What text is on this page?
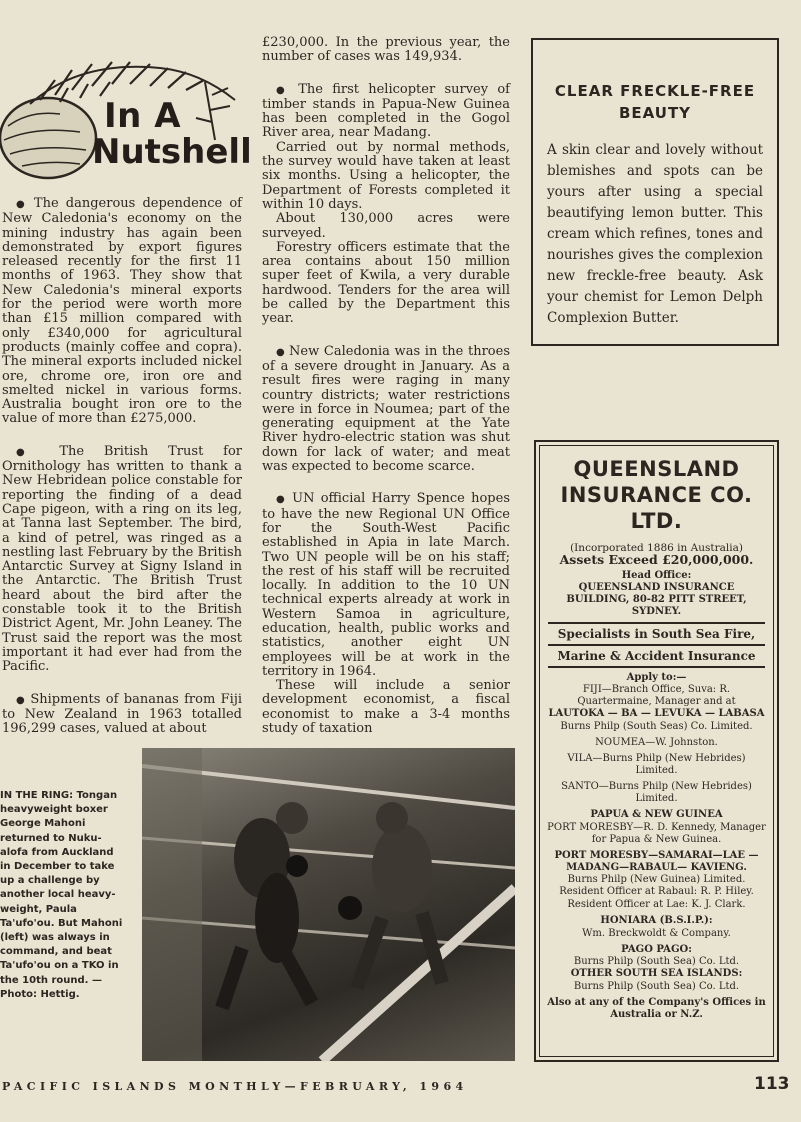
In A
Nutshell

● The dangerous dependence of New Caledonia's economy on the mining industry has again been demonstrated by export figures released recently for the first 11 months of 1963. They show that New Caledonia's mineral exports for the period were worth more than £15 million compared with only £340,000 for agricultural products (mainly coffee and copra). The mineral exports included nickel ore, chrome ore, iron ore and smelted nickel in various forms. Australia bought iron ore to the value of more than £275,000.

● The British Trust for Ornithology has written to thank a New Hebridean police constable for reporting the finding of a dead Cape pigeon, with a ring on its leg, at Tanna last September. The bird, a kind of petrel, was ringed as a nestling last February by the British Antarctic Survey at Signy Island in the Antarctic. The British Trust heard about the bird after the constable took it to the British District Agent, Mr. John Leaney. The Trust said the report was the most important it had ever had from the Pacific.

● Shipments of bananas from Fiji to New Zealand in 1963 totalled 196,299 cases, valued at about

£230,000. In the previous year, the number of cases was 149,934.

● The first helicopter survey of timber stands in Papua-New Guinea has been completed in the Gogol River area, near Madang.

Carried out by normal methods, the survey would have taken at least six months. Using a helicopter, the Department of Forests completed it within 10 days.

About 130,000 acres were surveyed.

Forestry officers estimate that the area contains about 150 million super feet of Kwila, a very durable hardwood. Tenders for the area will be called by the Department this year.

● New Caledonia was in the throes of a severe drought in January. As a result fires were raging in many country districts; water restrictions were in force in Noumea; part of the generating equipment at the Yate River hydro-electric station was shut down for lack of water; and meat was expected to become scarce.

● UN official Harry Spence hopes to have the new Regional UN Office for the South-West Pacific established in Apia in late March. Two UN people will be on his staff; the rest of his staff will be recruited locally. In addition to the 10 UN technical experts already at work in Western Samoa in agriculture, education, health, public works and statistics, another eight UN employees will be at work in the territory in 1964.

These will include a senior development economist, a fiscal economist to make a 3-4 months study of taxation

CLEAR FRECKLE-FREE BEAUTY
A skin clear and lovely without blemishes and spots can be yours after using a special beautifying lemon butter. This cream which refines, tones and nourishes gives the complexion new freckle-free beauty. Ask your chemist for Lemon Delph Complexion Butter.
QUEENSLAND INSURANCE CO. LTD.
(Incorporated 1886 in Australia)
Assets Exceed £20,000,000.
Head Office:
QUEENSLAND INSURANCE BUILDING, 80-82 PITT STREET, SYDNEY.
Specialists in South Sea Fire,
Marine & Accident Insurance
Apply to:—
FIJI—Branch Office, Suva: R. Quartermaine, Manager and at
LAUTOKA — BA — LEVUKA — LABASA
Burns Philp (South Seas) Co. Limited.
NOUMEA—W. Johnston.
VILA—Burns Philp (New Hebrides) Limited.
SANTO—Burns Philp (New Hebrides) Limited.
PAPUA & NEW GUINEA
PORT MORESBY—R. D. Kennedy, Manager for Papua & New Guinea.
PORT MORESBY—SAMARAI—LAE —MADANG—RABAUL— KAVIENG.
Burns Philp (New Guinea) Limited.
Resident Officer at Rabaul: R. P. Hiley.
Resident Officer at Lae: K. J. Clark.
HONIARA (B.S.I.P.):
Wm. Breckwoldt & Company.
PAGO PAGO:
Burns Philp (South Sea) Co. Ltd.
OTHER SOUTH SEA ISLANDS:
Burns Philp (South Sea) Co. Ltd.
Also at any of the Company's Offices in Australia or N.Z.
IN THE RING: Tongan heavyweight boxer George Mahoni returned to Nuku-alofa from Auckland in December to take up a challenge by another local heavy-weight, Paula Ta'ufo'ou. But Mahoni (left) was always in command, and beat Ta'ufo'ou on a TKO in the 10th round. — Photo: Hettig.
PACIFIC ISLANDS MONTHLY—FEBRUARY, 1964	113
